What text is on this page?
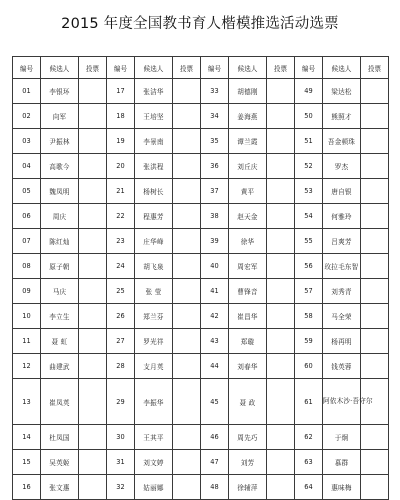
2015 年度全国教书育人楷模推选活动选票
编号	候选人	投票	编号	候选人	投票	编号	候选人	投票	编号	候选人	投票
01	李银环		17	张洁华		33	胡德刚		49	梁达松	
02	向军		18	王培坚		34	姜海燕		50	熊照才	
03	尹振林		19	李景南		35	谭兰霞		51	吾金顿珠	
04	高歌今		20	张洪程		36	刘丘庆		52	罗杰	
05	魏凤明		21	杨树长		37	黄平		53	唐自银	
06	周庆		22	程惠芳		38	赵天金		54	何雅玲	
07	陈红灿		23	庄华峰		39	徐华		55	吕爽芳	
08	原子朝		24	胡飞泉		40	周宏军		56	玫拉毛东智	
09	马庆		25	张 莹		41	曹锋音		57	刘秀青	
10	李立生		26	郑兰芬		42	崔昌华		58	马全荣	
11	聂 虹		27	罗光祥		43	郑璇		59	杨再明	
12	曲建武		28	支月英		44	刘春华		60	钱英蓉	
13	崔凤英		29	李振华		45	聂 政		61	阿依木沙·吾守尔	
14	杜凤国		30	王其平		46	周先巧		62	于炯	
15	吴英姬		31	刘文婷		47	刘芳		63	慕群	
16	张文惠		32	姑丽娜		48	徐辅萍		64	惠味梅	
